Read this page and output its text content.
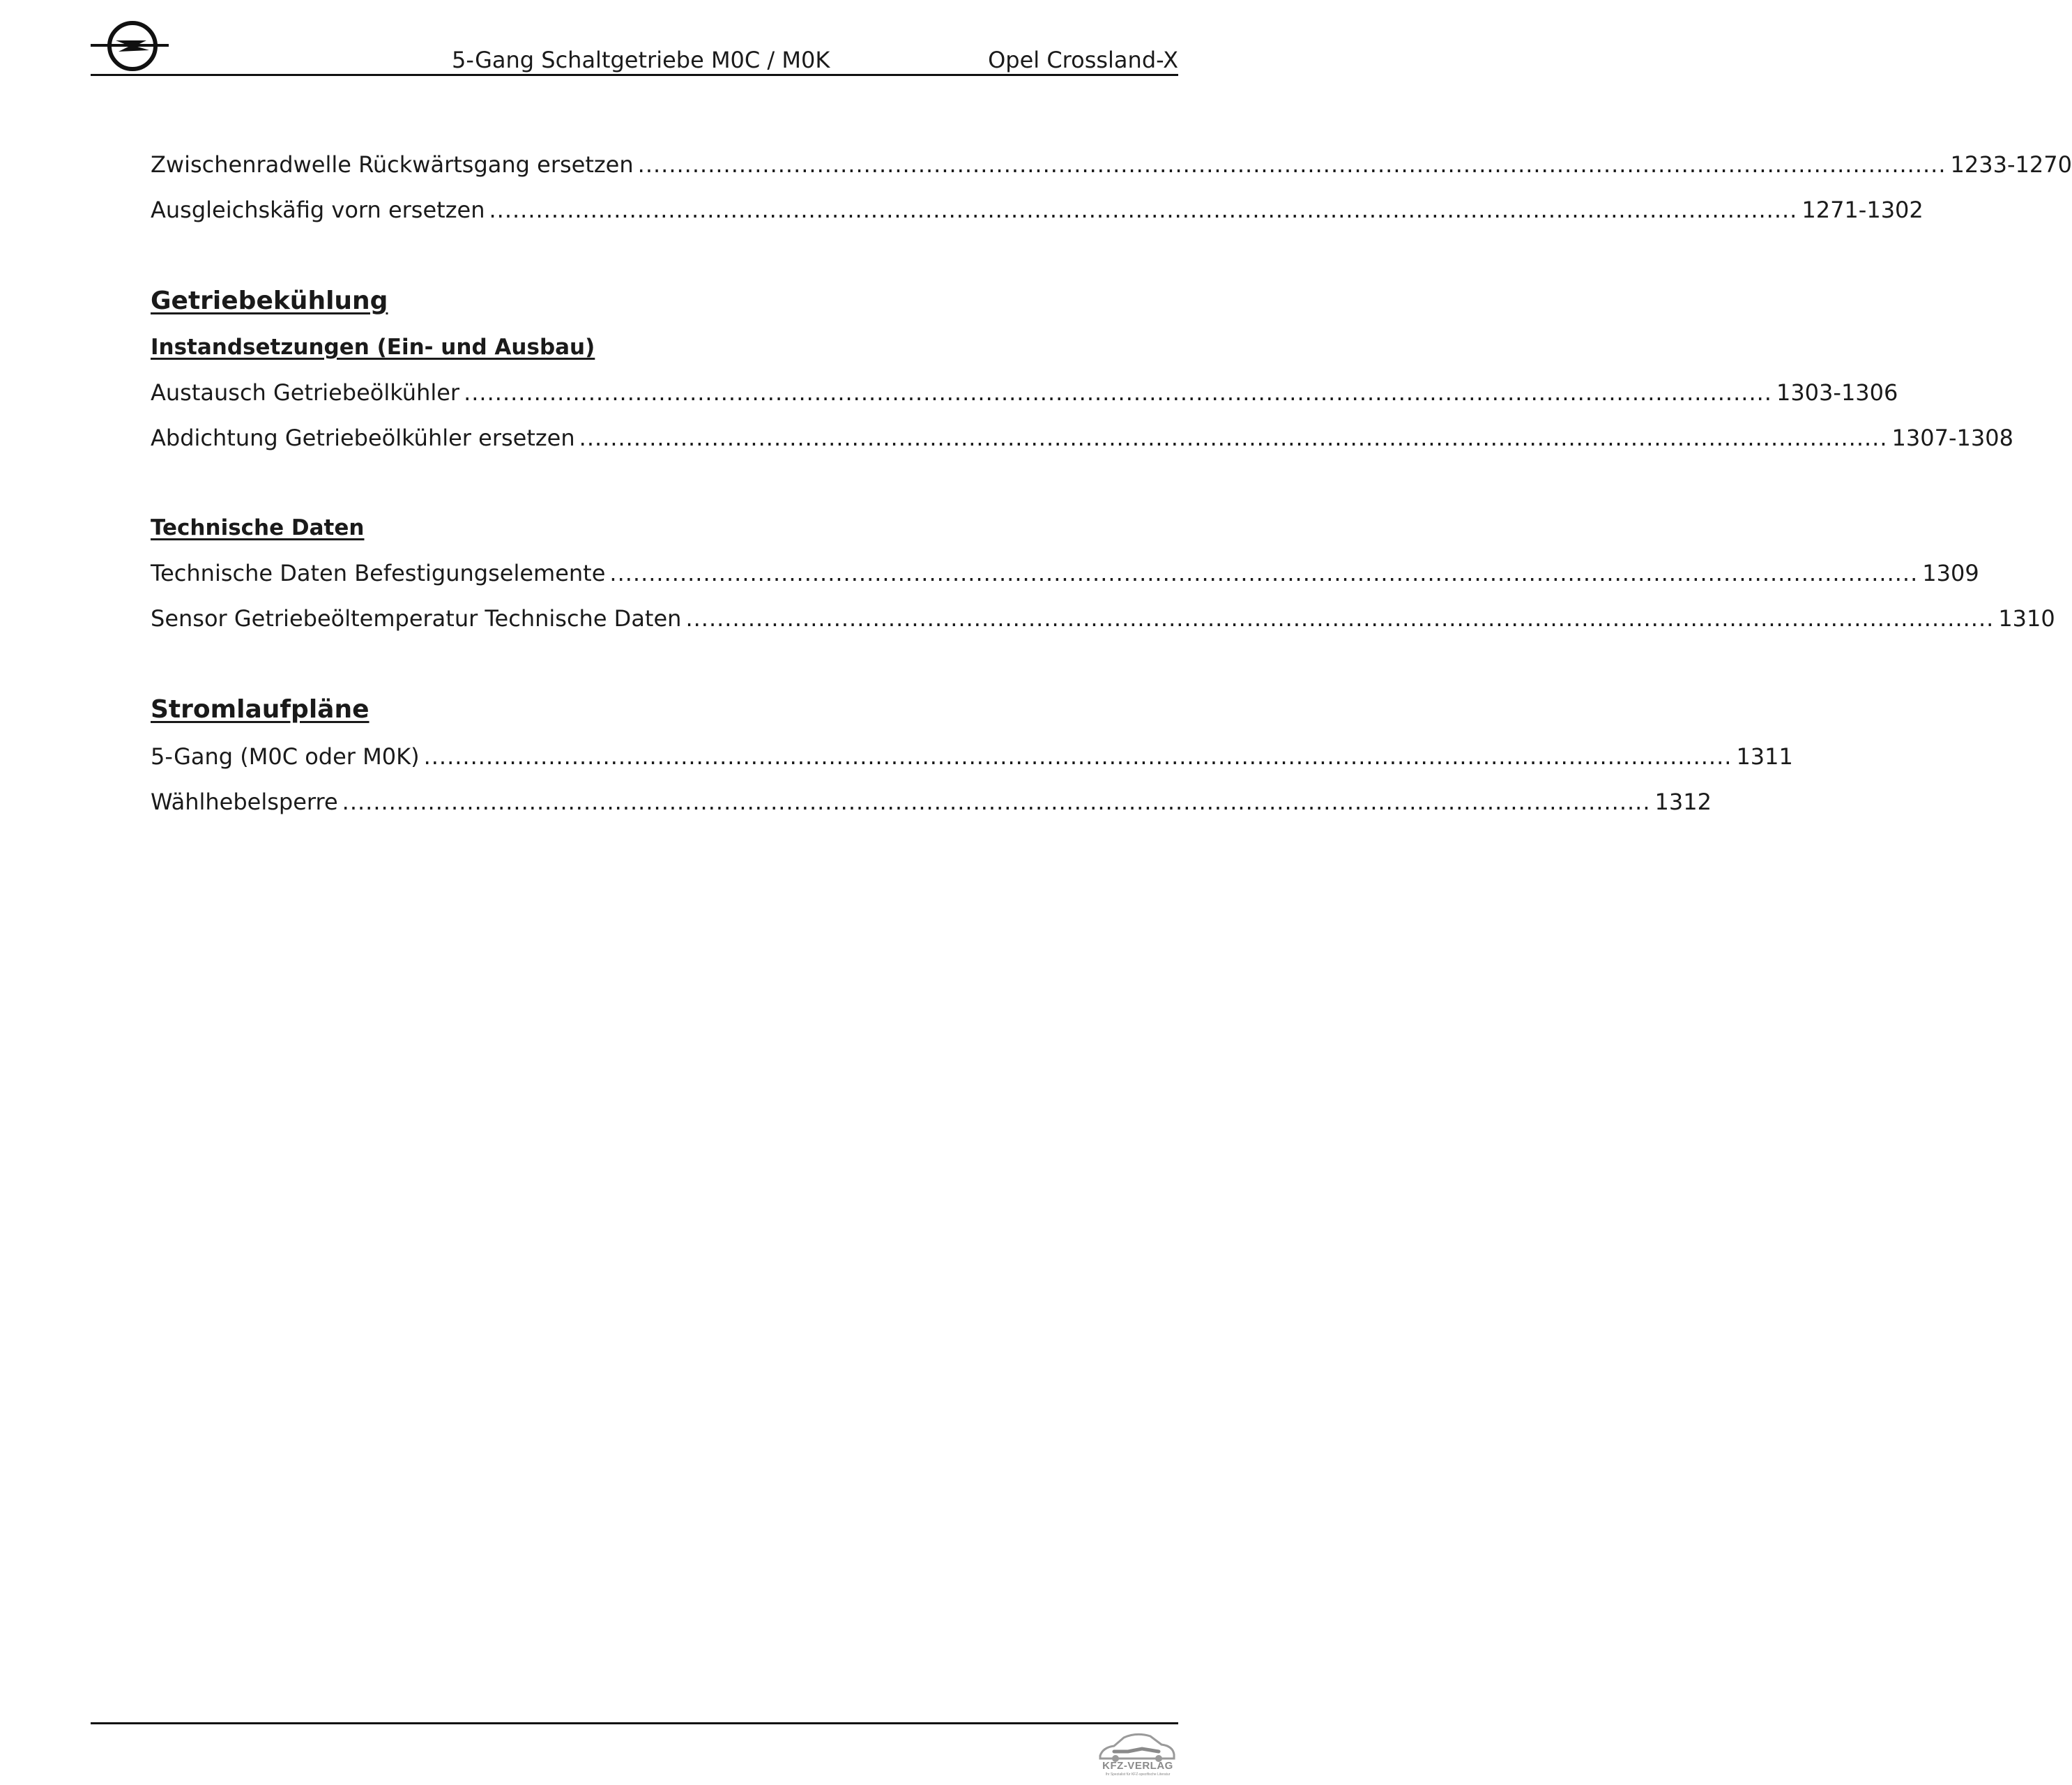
5-Gang Schaltgetriebe M0C / M0K	Opel Crossland-X
Zwischenradwelle Rückwärtsgang ersetzen ........................................................................................................................................................................ 1233-1270
Ausgleichskäfig vorn ersetzen ........................................................................................................................................................................ 1271-1302
Getriebekühlung
Instandsetzungen (Ein- und Ausbau)
Austausch Getriebeölkühler ........................................................................................................................................................................ 1303-1306
Abdichtung Getriebeölkühler ersetzen ........................................................................................................................................................................ 1307-1308
Technische Daten
Technische Daten Befestigungselemente ........................................................................................................................................................................ 1309
Sensor Getriebeöltemperatur Technische Daten ........................................................................................................................................................................ 1310
Stromlaufpläne
5-Gang (M0C oder M0K) ........................................................................................................................................................................ 1311
Wählhebelsperre ........................................................................................................................................................................ 1312
KFZ-VERLAG
Ihr Spezialist für KFZ-spezifische Literatur
